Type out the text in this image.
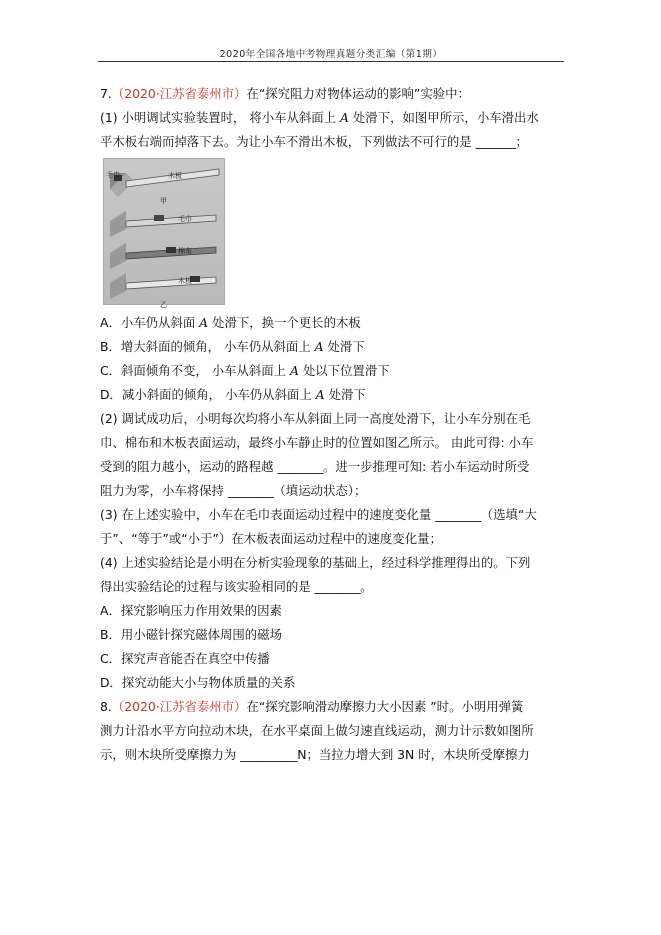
2020年全国各地中考物理真题分类汇编（第1期）
7.（2020·江苏省泰州市）在“探究阻力对物体运动的影响”实验中：
(1) 小明调试实验装置时， 将小车从斜面上 A 处滑下，如图甲所示，小车滑出水
平木板右端而掉落下去。为让小车不滑出木板，下列做法不可行的是 _______；
毛巾	木板
甲
毛巾
棉布
木板
乙
A．小车仍从斜面 A 处滑下，换一个更长的木板
B．增大斜面的倾角， 小车仍从斜面上 A 处滑下
C．斜面倾角不变， 小车从斜面上 A 处以下位置滑下
D．减小斜面的倾角， 小车仍从斜面上 A 处滑下
(2) 调试成功后，小明每次均将小车从斜面上同一高度处滑下，让小车分别在毛
巾、棉布和木板表面运动，最终小车静止时的位置如图乙所示。 由此可得: 小车
受到的阻力越小，运动的路程越 ________。进一步推理可知: 若小车运动时所受
阻力为零，小车将保持 ________（填运动状态）；
(3) 在上述实验中，小车在毛巾表面运动过程中的速度变化量 ________（选填“大
于”、“等于”或“小于”）在木板表面运动过程中的速度变化量；
(4) 上述实验结论是小明在分析实验现象的基础上，经过科学推理得出的。下列
得出实验结论的过程与该实验相同的是 ________。
A．探究影响压力作用效果的因素
B．用小磁针探究磁体周围的磁场
C．探究声音能否在真空中传播
D．探究动能大小与物体质量的关系
8.（2020·江苏省泰州市）在“探究影响滑动摩擦力大小因素 ”时。小明用弹簧
测力计沿水平方向拉动木块，在水平桌面上做匀速直线运动，测力计示数如图所
示，则木块所受摩擦力为 __________N；当拉力增大到 3N 时，木块所受摩擦力
